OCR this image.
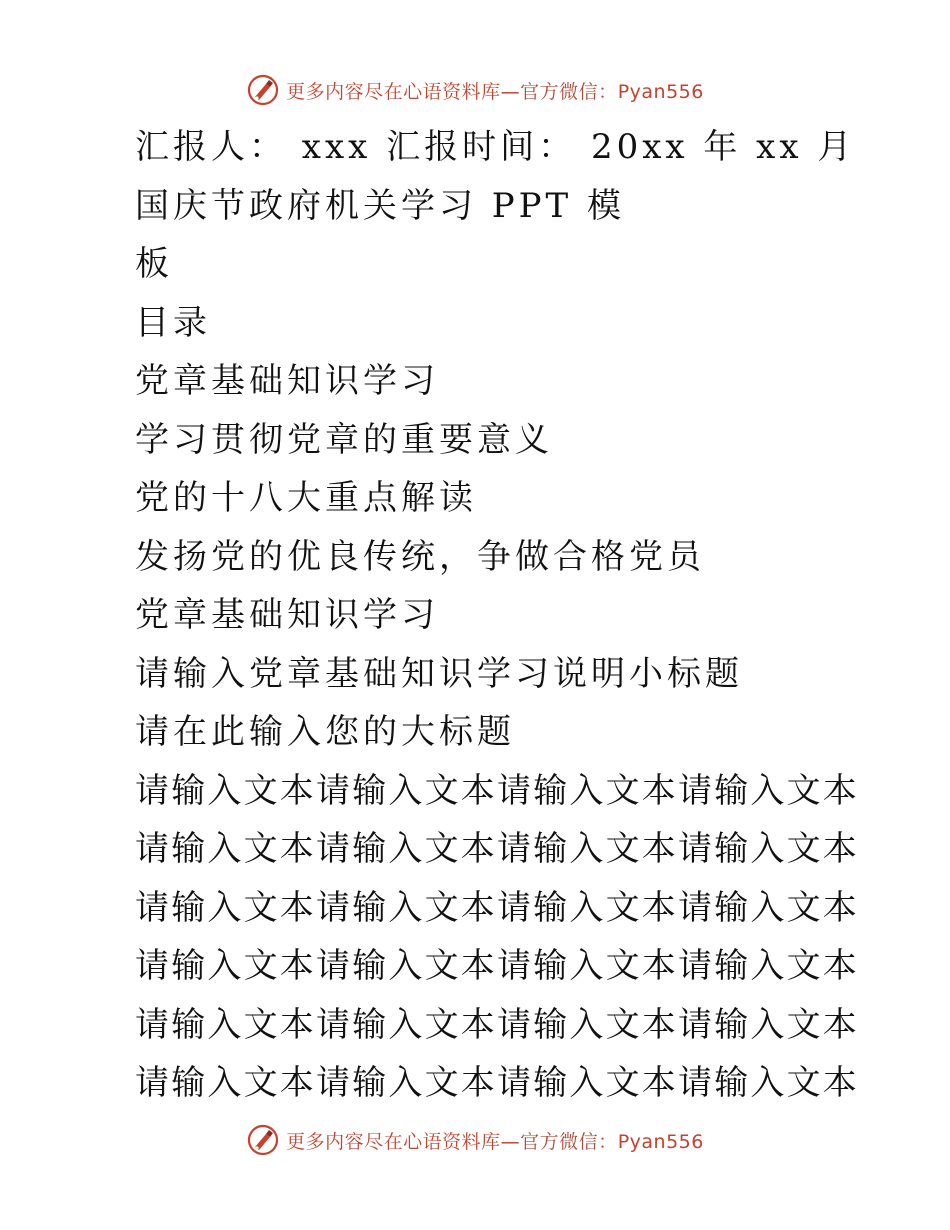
更多内容尽在心语资料库—官方微信：Pyan556
汇报人： xxx 汇报时间： 20xx 年 xx 月
国庆节政府机关学习 PPT 模
板
目录
党章基础知识学习
学习贯彻党章的重要意义
党的十八大重点解读
发扬党的优良传统，争做合格党员
党章基础知识学习
请输入党章基础知识学习说明小标题
请在此输入您的大标题
请输入文本请输入文本请输入文本请输入文本
请输入文本请输入文本请输入文本请输入文本
请输入文本请输入文本请输入文本请输入文本
请输入文本请输入文本请输入文本请输入文本
请输入文本请输入文本请输入文本请输入文本
请输入文本请输入文本请输入文本请输入文本
更多内容尽在心语资料库—官方微信：Pyan556
